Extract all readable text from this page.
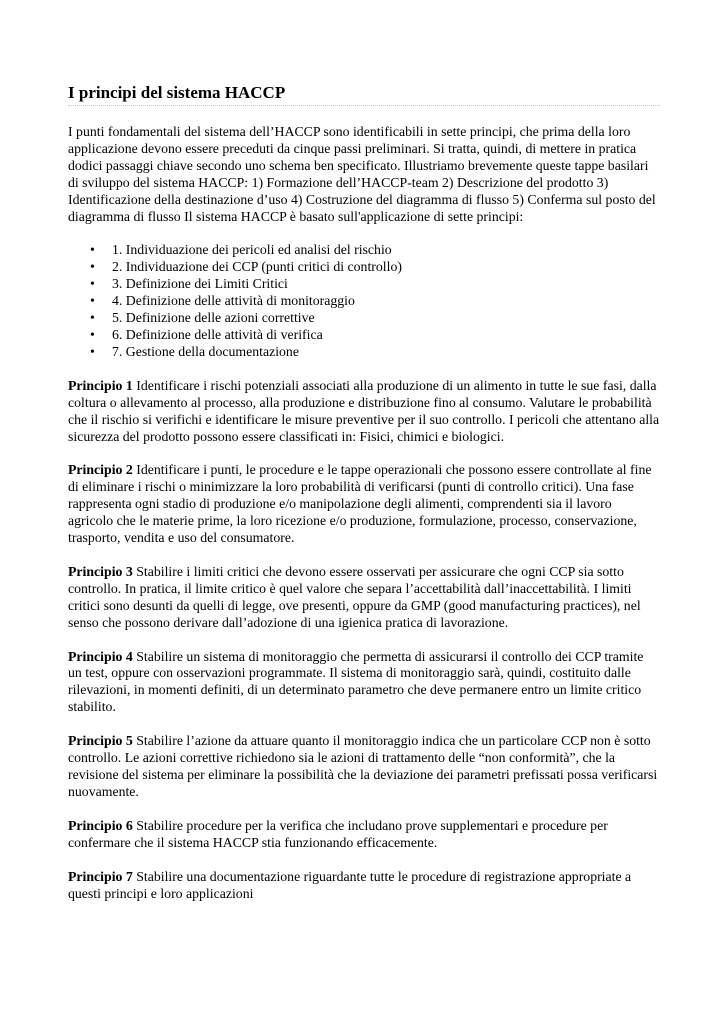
I principi del sistema HACCP

I punti fondamentali del sistema dell’HACCP sono identificabili in sette principi, che prima della loro applicazione devono essere preceduti da cinque passi preliminari. Si tratta, quindi, di mettere in pratica dodici passaggi chiave secondo uno schema ben specificato. Illustriamo brevemente queste tappe basilari di sviluppo del sistema HACCP: 1) Formazione dell’HACCP-team 2) Descrizione del prodotto 3) Identificazione della destinazione d’uso 4) Costruzione del diagramma di flusso 5) Conferma sul posto del diagramma di flusso Il sistema HACCP è basato sull'applicazione di sette principi:

• 1. Individuazione dei pericoli ed analisi del rischio
• 2. Individuazione dei CCP (punti critici di controllo)
• 3. Definizione dei Limiti Critici
• 4. Definizione delle attività di monitoraggio
• 5. Definizione delle azioni correttive
• 6. Definizione delle attività di verifica
• 7. Gestione della documentazione

Principio 1 Identificare i rischi potenziali associati alla produzione di un alimento in tutte le sue fasi, dalla coltura o allevamento al processo, alla produzione e distribuzione fino al consumo. Valutare le probabilità che il rischio si verifichi e identificare le misure preventive per il suo controllo. I pericoli che attentano alla sicurezza del prodotto possono essere classificati in: Fisici, chimici e biologici.

Principio 2 Identificare i punti, le procedure e le tappe operazionali che possono essere controllate al fine di eliminare i rischi o minimizzare la loro probabilità di verificarsi (punti di controllo critici). Una fase rappresenta ogni stadio di produzione e/o manipolazione degli alimenti, comprendenti sia il lavoro agricolo che le materie prime, la loro ricezione e/o produzione, formulazione, processo, conservazione, trasporto, vendita e uso del consumatore.

Principio 3 Stabilire i limiti critici che devono essere osservati per assicurare che ogni CCP sia sotto controllo. In pratica, il limite critico è quel valore che separa l’accettabilità dall’inaccettabilità. I limiti critici sono desunti da quelli di legge, ove presenti, oppure da GMP (good manufacturing practices), nel senso che possono derivare dall’adozione di una igienica pratica di lavorazione.

Principio 4 Stabilire un sistema di monitoraggio che permetta di assicurarsi il controllo dei CCP tramite un test, oppure con osservazioni programmate. Il sistema di monitoraggio sarà, quindi, costituito dalle rilevazioni, in momenti definiti, di un determinato parametro che deve permanere entro un limite critico stabilito.

Principio 5 Stabilire l’azione da attuare quanto il monitoraggio indica che un particolare CCP non è sotto controllo. Le azioni correttive richiedono sia le azioni di trattamento delle “non conformità”, che la revisione del sistema per eliminare la possibilità che la deviazione dei parametri prefissati possa verificarsi nuovamente.

Principio 6 Stabilire procedure per la verifica che includano prove supplementari e procedure per confermare che il sistema HACCP stia funzionando efficacemente.

Principio 7 Stabilire una documentazione riguardante tutte le procedure di registrazione appropriate a questi principi e loro applicazioni
